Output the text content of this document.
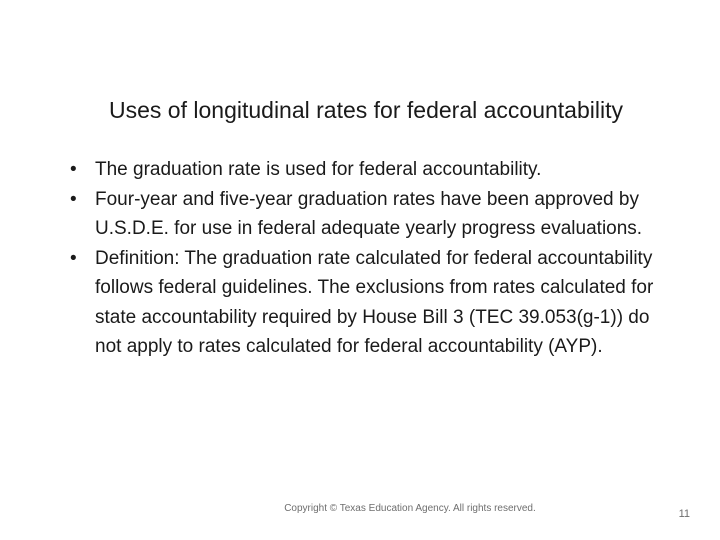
Uses of longitudinal rates for federal accountability
• The graduation rate is used for federal accountability.
• Four-year and five-year graduation rates have been approved by U.S.D.E. for use in federal adequate yearly progress evaluations.
• Definition: The graduation rate calculated for federal accountability follows federal guidelines. The exclusions from rates calculated for state accountability required by House Bill 3 (TEC 39.053(g-1)) do not apply to rates calculated for federal accountability (AYP).
Copyright © Texas Education Agency. All rights reserved.	11
